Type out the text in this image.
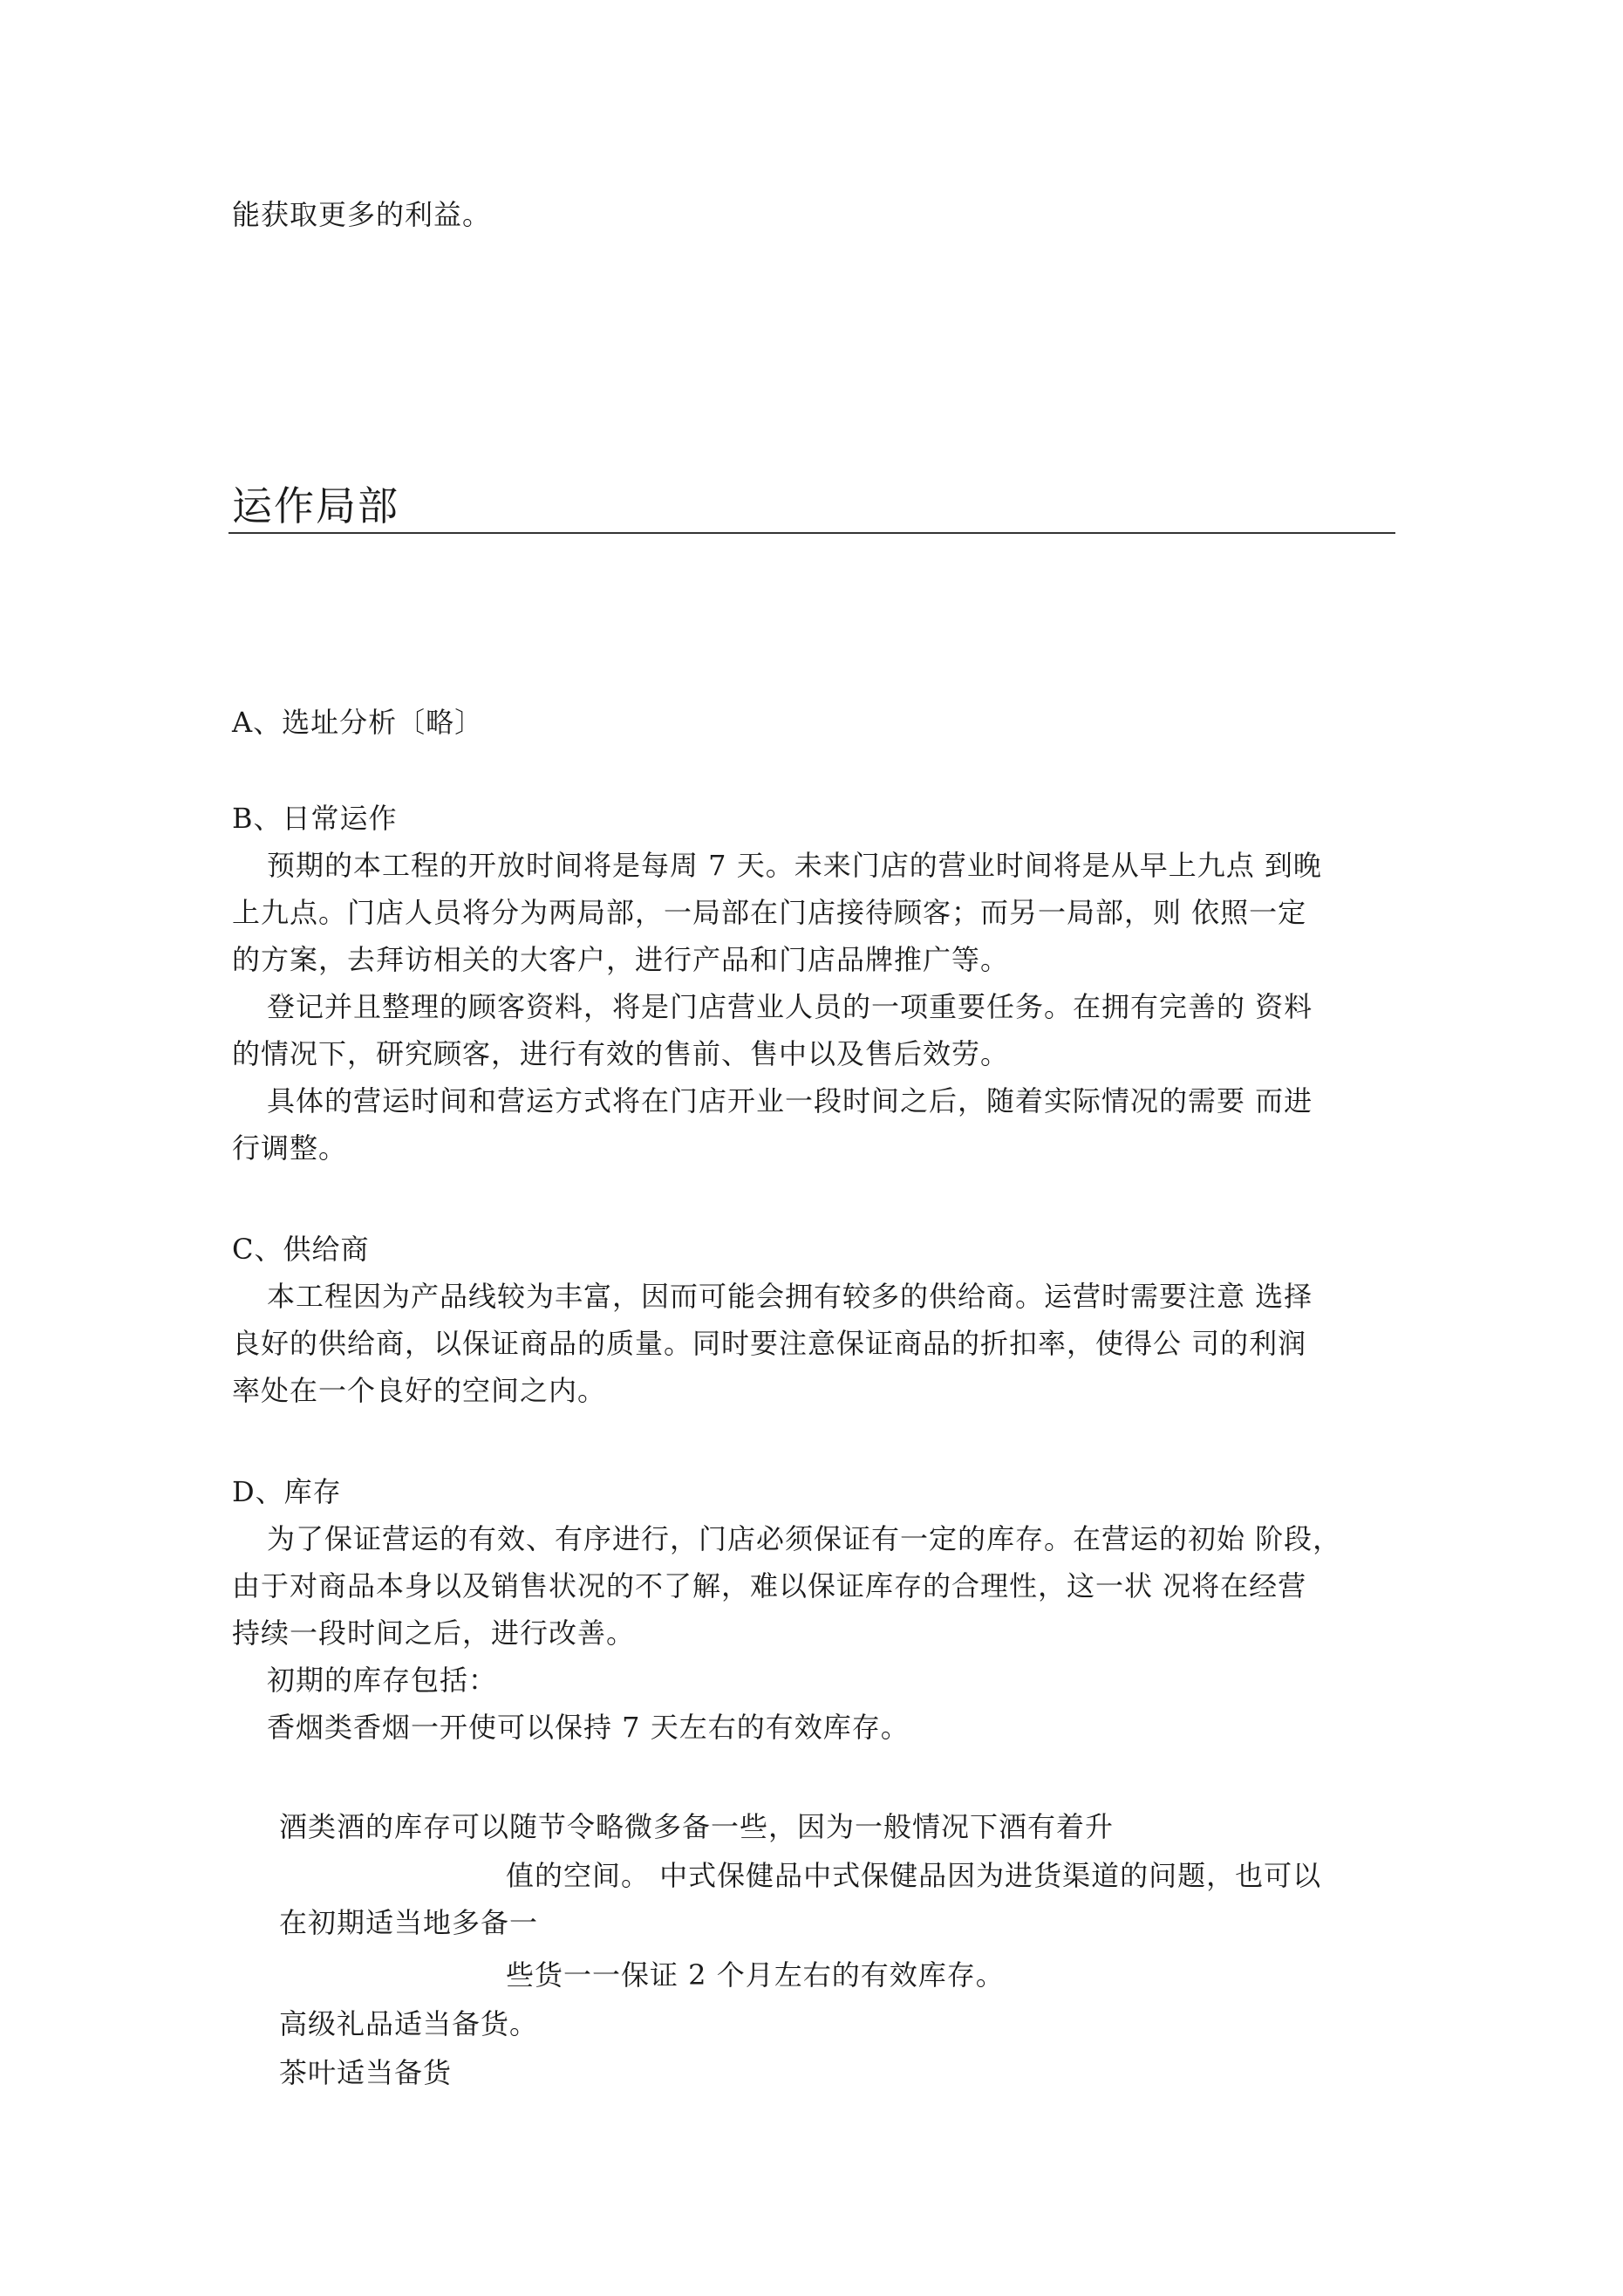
能获取更多的利益。
运作局部
A、选址分析〔略〕
B、日常运作
预期的本工程的开放时间将是每周 7 天。未来门店的营业时间将是从早上九点 到晚
上九点。门店人员将分为两局部，一局部在门店接待顾客；而另一局部，则 依照一定
的方案，去拜访相关的大客户，进行产品和门店品牌推广等。
登记并且整理的顾客资料，将是门店营业人员的一项重要任务。在拥有完善的 资料
的情况下，研究顾客，进行有效的售前、售中以及售后效劳。
具体的营运时间和营运方式将在门店开业一段时间之后，随着实际情况的需要 而进
行调整。
C、供给商
本工程因为产品线较为丰富，因而可能会拥有较多的供给商。运营时需要注意 选择
良好的供给商，以保证商品的质量。同时要注意保证商品的折扣率，使得公 司的利润
率处在一个良好的空间之内。
D、库存
为了保证营运的有效、有序进行，门店必须保证有一定的库存。在营运的初始 阶段，
由于对商品本身以及销售状况的不了解，难以保证库存的合理性，这一状 况将在经营
持续一段时间之后，进行改善。
初期的库存包括：
香烟类香烟一开使可以保持 7 天左右的有效库存。
酒类酒的库存可以随节令略微多备一些，因为一般情况下酒有着升
值的空间。 中式保健品中式保健品因为进货渠道的问题，也可以
在初期适当地多备一
些货一一保证 2 个月左右的有效库存。
高级礼品适当备货。
茶叶适当备货
